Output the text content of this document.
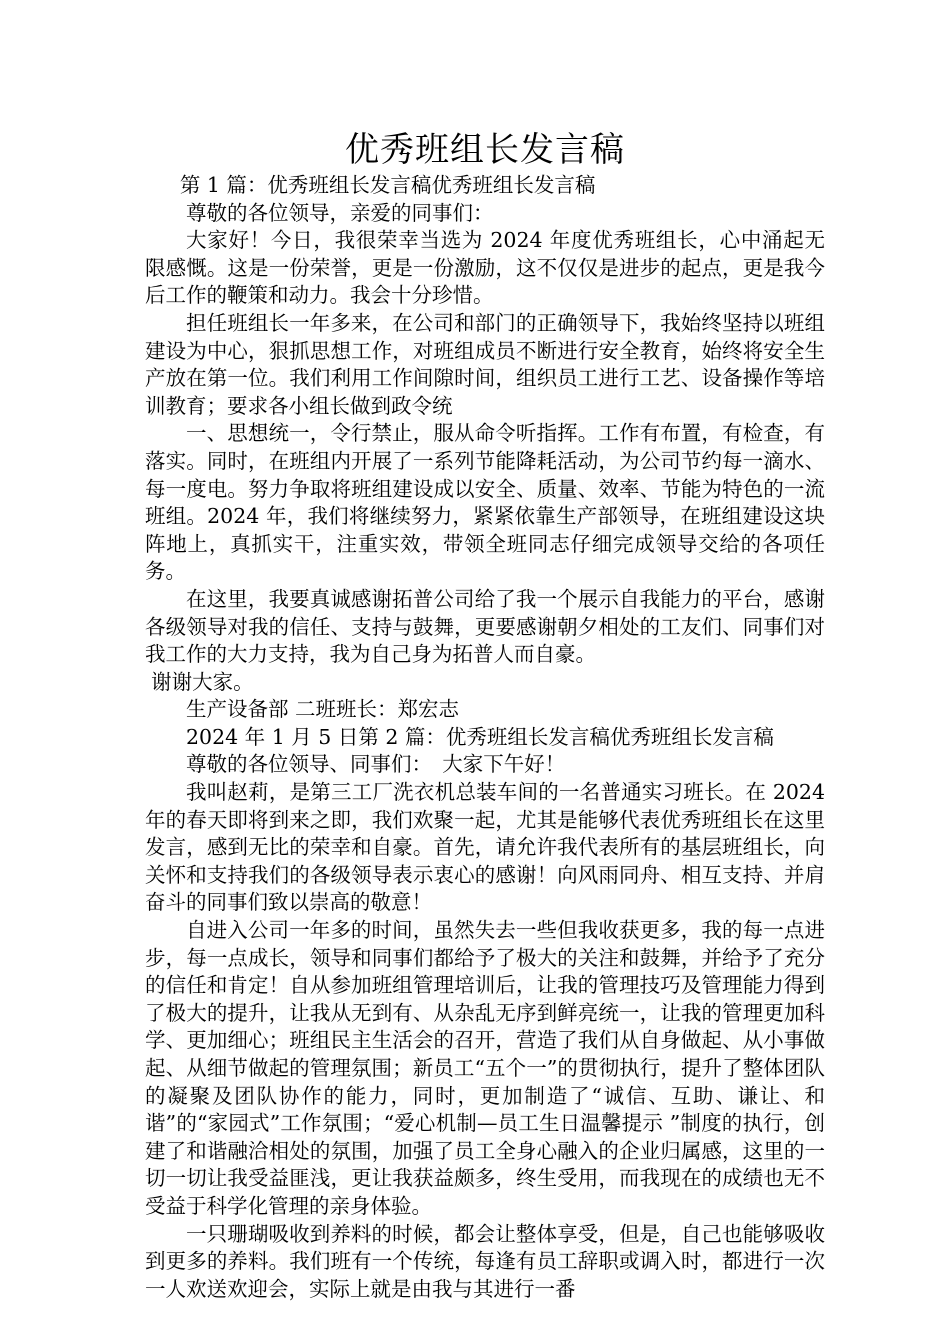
优秀班组长发言稿

第 1 篇：优秀班组长发言稿优秀班组长发言稿

尊敬的各位领导，亲爱的同事们：

大家好！今日，我很荣幸当选为 2024 年度优秀班组长，心中涌起无限感慨。这是一份荣誉，更是一份激励，这不仅仅是进步的起点，更是我今后工作的鞭策和动力。我会十分珍惜。

担任班组长一年多来，在公司和部门的正确领导下，我始终坚持以班组建设为中心，狠抓思想工作，对班组成员不断进行安全教育，始终将安全生产放在第一位。我们利用工作间隙时间，组织员工进行工艺、设备操作等培训教育；要求各小组长做到政令统

一、思想统一，令行禁止，服从命令听指挥。工作有布置，有检查，有落实。同时，在班组内开展了一系列节能降耗活动，为公司节约每一滴水、每一度电。努力争取将班组建设成以安全、质量、效率、节能为特色的一流班组。2024 年，我们将继续努力，紧紧依靠生产部领导，在班组建设这块阵地上，真抓实干，注重实效，带领全班同志仔细完成领导交给的各项任务。

在这里，我要真诚感谢拓普公司给了我一个展示自我能力的平台，感谢各级领导对我的信任、支持与鼓舞，更要感谢朝夕相处的工友们、同事们对我工作的大力支持，我为自己身为拓普人而自豪。

谢谢大家。

生产设备部 二班班长：郑宏志

2024 年 1 月 5 日第 2 篇：优秀班组长发言稿优秀班组长发言稿

尊敬的各位领导、同事们：　大家下午好！

我叫赵莉，是第三工厂洗衣机总装车间的一名普通实习班长。在 2024 年的春天即将到来之即，我们欢聚一起，尤其是能够代表优秀班组长在这里发言，感到无比的荣幸和自豪。首先，请允许我代表所有的基层班组长，向关怀和支持我们的各级领导表示衷心的感谢！向风雨同舟、相互支持、并肩奋斗的同事们致以崇高的敬意！

自进入公司一年多的时间，虽然失去一些但我收获更多，我的每一点进步，每一点成长，领导和同事们都给予了极大的关注和鼓舞，并给予了充分的信任和肯定！自从参加班组管理培训后，让我的管理技巧及管理能力得到了极大的提升，让我从无到有、从杂乱无序到鲜亮统一，让我的管理更加科学、更加细心；班组民主生活会的召开，营造了我们从自身做起、从小事做起、从细节做起的管理氛围；新员工“五个一”的贯彻执行，提升了整体团队的凝聚及团队协作的能力，同时，更加制造了“诚信、互助、谦让、和谐”的“家园式”工作氛围；“爱心机制—员工生日温馨提示 ”制度的执行，创建了和谐融洽相处的氛围，加强了员工全身心融入的企业归属感，这里的一切一切让我受益匪浅，更让我获益颇多，终生受用，而我现在的成绩也无不受益于科学化管理的亲身体验。

一只珊瑚吸收到养料的时候，都会让整体享受，但是，自己也能够吸收到更多的养料。我们班有一个传统，每逢有员工辞职或调入时，都进行一次一人欢送欢迎会，实际上就是由我与其进行一番
